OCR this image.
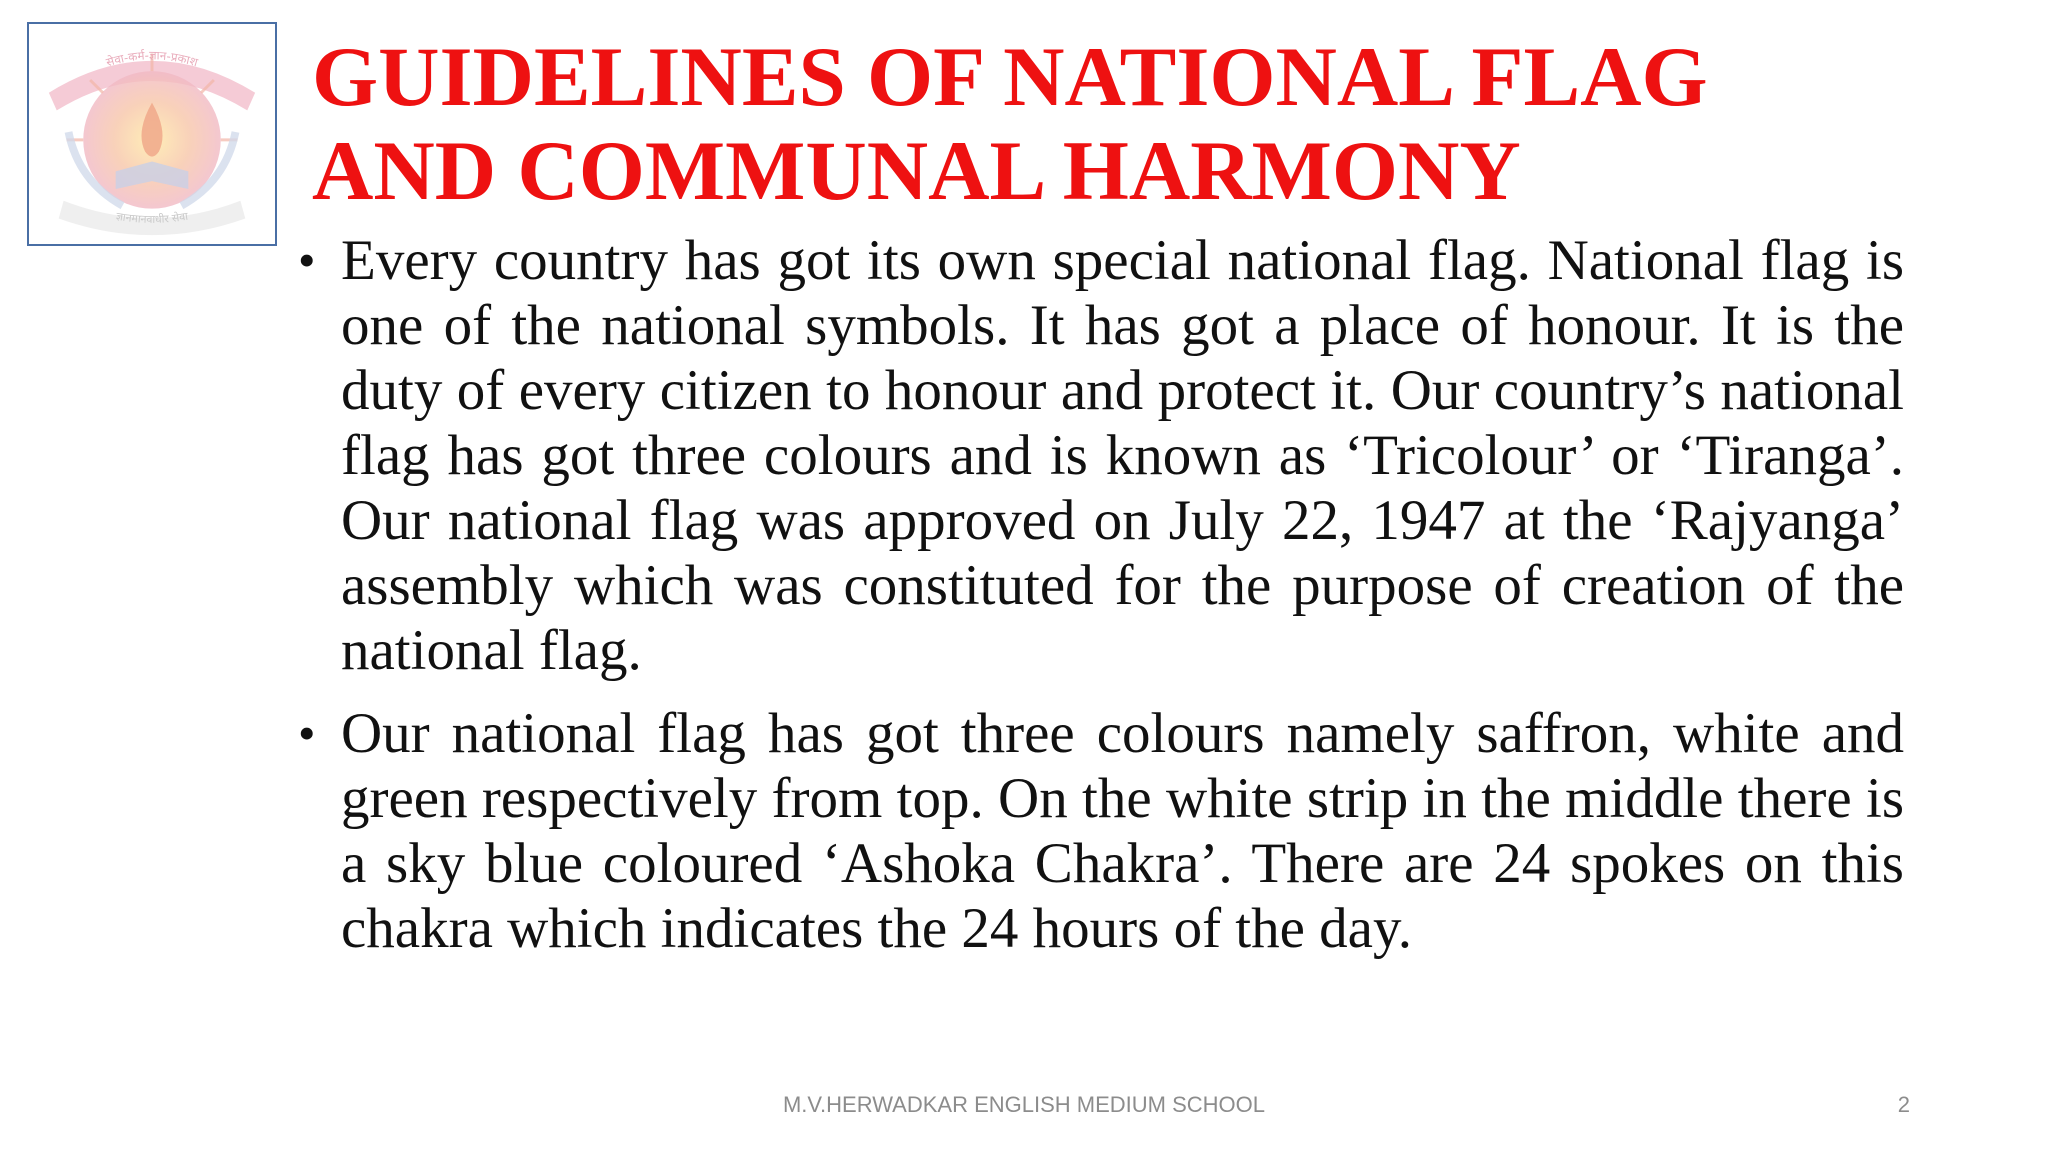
सेवा-कर्म-ज्ञान-प्रकाश
ज्ञानमानवाधीर सेवा
GUIDELINES OF NATIONAL FLAG
AND COMMUNAL HARMONY
• Every country has got its own special national flag. National flag is one of the national symbols. It has got a place of honour. It is the duty of every citizen to honour and protect it. Our country’s national flag has got three colours and is known as ‘Tricolour’ or ‘Tiranga’. Our national flag was approved on July 22, 1947 at the ‘Rajyanga’ assembly which was constituted for the purpose of creation of the national flag.
• Our national flag has got three colours namely saffron, white and green respectively from top. On the white strip in the middle there is a sky blue coloured ‘Ashoka Chakra’. There are 24 spokes on this chakra which indicates the 24 hours of the day.
M.V.HERWADKAR ENGLISH MEDIUM SCHOOL	2
